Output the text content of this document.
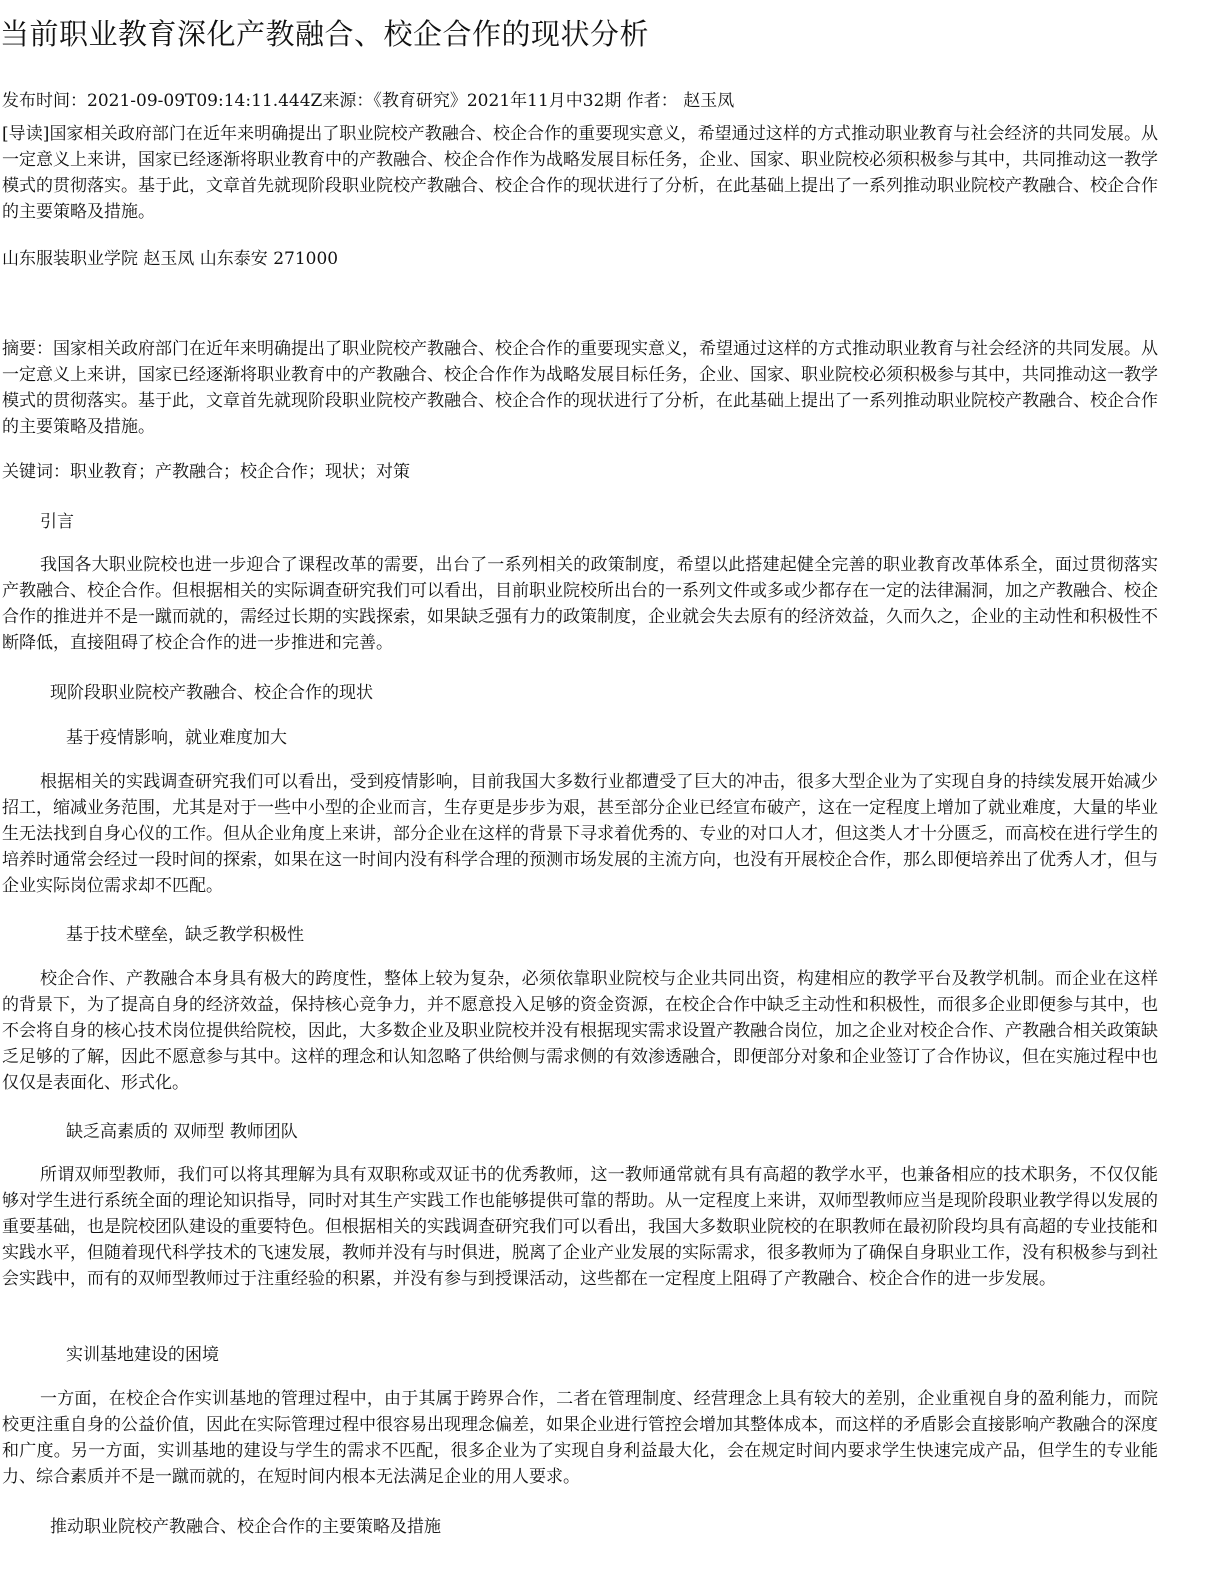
当前职业教育深化产教融合、校企合作的现状分析
发布时间：2021-09-09T09:14:11.444Z来源：《教育研究》2021年11月中32期 作者： 赵玉凤

[导读]国家相关政府部门在近年来明确提出了职业院校产教融合、校企合作的重要现实意义，希望通过这样的方式推动职业教育与社会经济的共同发展。从一定意义上来讲，国家已经逐渐将职业教育中的产教融合、校企合作作为战略发展目标任务，企业、国家、职业院校必须积极参与其中，共同推动这一教学模式的贯彻落实。基于此，文章首先就现阶段职业院校产教融合、校企合作的现状进行了分析，在此基础上提出了一系列推动职业院校产教融合、校企合作的主要策略及措施。

山东服装职业学院 赵玉凤 山东泰安 271000

摘要：国家相关政府部门在近年来明确提出了职业院校产教融合、校企合作的重要现实意义，希望通过这样的方式推动职业教育与社会经济的共同发展。从一定意义上来讲，国家已经逐渐将职业教育中的产教融合、校企合作作为战略发展目标任务，企业、国家、职业院校必须积极参与其中，共同推动这一教学模式的贯彻落实。基于此，文章首先就现阶段职业院校产教融合、校企合作的现状进行了分析，在此基础上提出了一系列推动职业院校产教融合、校企合作的主要策略及措施。

关键词：职业教育；产教融合；校企合作；现状；对策
引言

我国各大职业院校也进一步迎合了课程改革的需要，出台了一系列相关的政策制度，希望以此搭建起健全完善的职业教育改革体系全，面过贯彻落实产教融合、校企合作。但根据相关的实际调查研究我们可以看出，目前职业院校所出台的一系列文件或多或少都存在一定的法律漏洞，加之产教融合、校企合作的推进并不是一蹴而就的，需经过长期的实践探索，如果缺乏强有力的政策制度，企业就会失去原有的经济效益，久而久之，企业的主动性和积极性不断降低，直接阻碍了校企合作的进一步推进和完善。

现阶段职业院校产教融合、校企合作的现状
基于疫情影响，就业难度加大

根据相关的实践调查研究我们可以看出，受到疫情影响，目前我国大多数行业都遭受了巨大的冲击，很多大型企业为了实现自身的持续发展开始减少招工，缩减业务范围，尤其是对于一些中小型的企业而言，生存更是步步为艰，甚至部分企业已经宣布破产，这在一定程度上增加了就业难度，大量的毕业生无法找到自身心仪的工作。但从企业角度上来讲，部分企业在这样的背景下寻求着优秀的、专业的对口人才，但这类人才十分匮乏，而高校在进行学生的培养时通常会经过一段时间的探索，如果在这一时间内没有科学合理的预测市场发展的主流方向，也没有开展校企合作，那么即便培养出了优秀人才，但与企业实际岗位需求却不匹配。

基于技术壁垒，缺乏教学积极性

校企合作、产教融合本身具有极大的跨度性，整体上较为复杂，必须依靠职业院校与企业共同出资，构建相应的教学平台及教学机制。而企业在这样的背景下，为了提高自身的经济效益，保持核心竞争力，并不愿意投入足够的资金资源，在校企合作中缺乏主动性和积极性，而很多企业即便参与其中，也不会将自身的核心技术岗位提供给院校，因此，大多数企业及职业院校并没有根据现实需求设置产教融合岗位，加之企业对校企合作、产教融合相关政策缺乏足够的了解，因此不愿意参与其中。这样的理念和认知忽略了供给侧与需求侧的有效渗透融合，即便部分对象和企业签订了合作协议，但在实施过程中也仅仅是表面化、形式化。

缺乏高素质的 双师型 教师团队

所谓双师型教师，我们可以将其理解为具有双职称或双证书的优秀教师，这一教师通常就有具有高超的教学水平，也兼备相应的技术职务，不仅仅能够对学生进行系统全面的理论知识指导，同时对其生产实践工作也能够提供可靠的帮助。从一定程度上来讲，双师型教师应当是现阶段职业教学得以发展的重要基础，也是院校团队建设的重要特色。但根据相关的实践调查研究我们可以看出，我国大多数职业院校的在职教师在最初阶段均具有高超的专业技能和实践水平，但随着现代科学技术的飞速发展，教师并没有与时俱进，脱离了企业产业发展的实际需求，很多教师为了确保自身职业工作，没有积极参与到社会实践中，而有的双师型教师过于注重经验的积累，并没有参与到授课活动，这些都在一定程度上阻碍了产教融合、校企合作的进一步发展。

实训基地建设的困境

一方面，在校企合作实训基地的管理过程中，由于其属于跨界合作，二者在管理制度、经营理念上具有较大的差别，企业重视自身的盈利能力，而院校更注重自身的公益价值，因此在实际管理过程中很容易出现理念偏差，如果企业进行管控会增加其整体成本，而这样的矛盾影会直接影响产教融合的深度和广度。另一方面，实训基地的建设与学生的需求不匹配，很多企业为了实现自身利益最大化，会在规定时间内要求学生快速完成产品，但学生的专业能力、综合素质并不是一蹴而就的，在短时间内根本无法满足企业的用人要求。

推动职业院校产教融合、校企合作的主要策略及措施
